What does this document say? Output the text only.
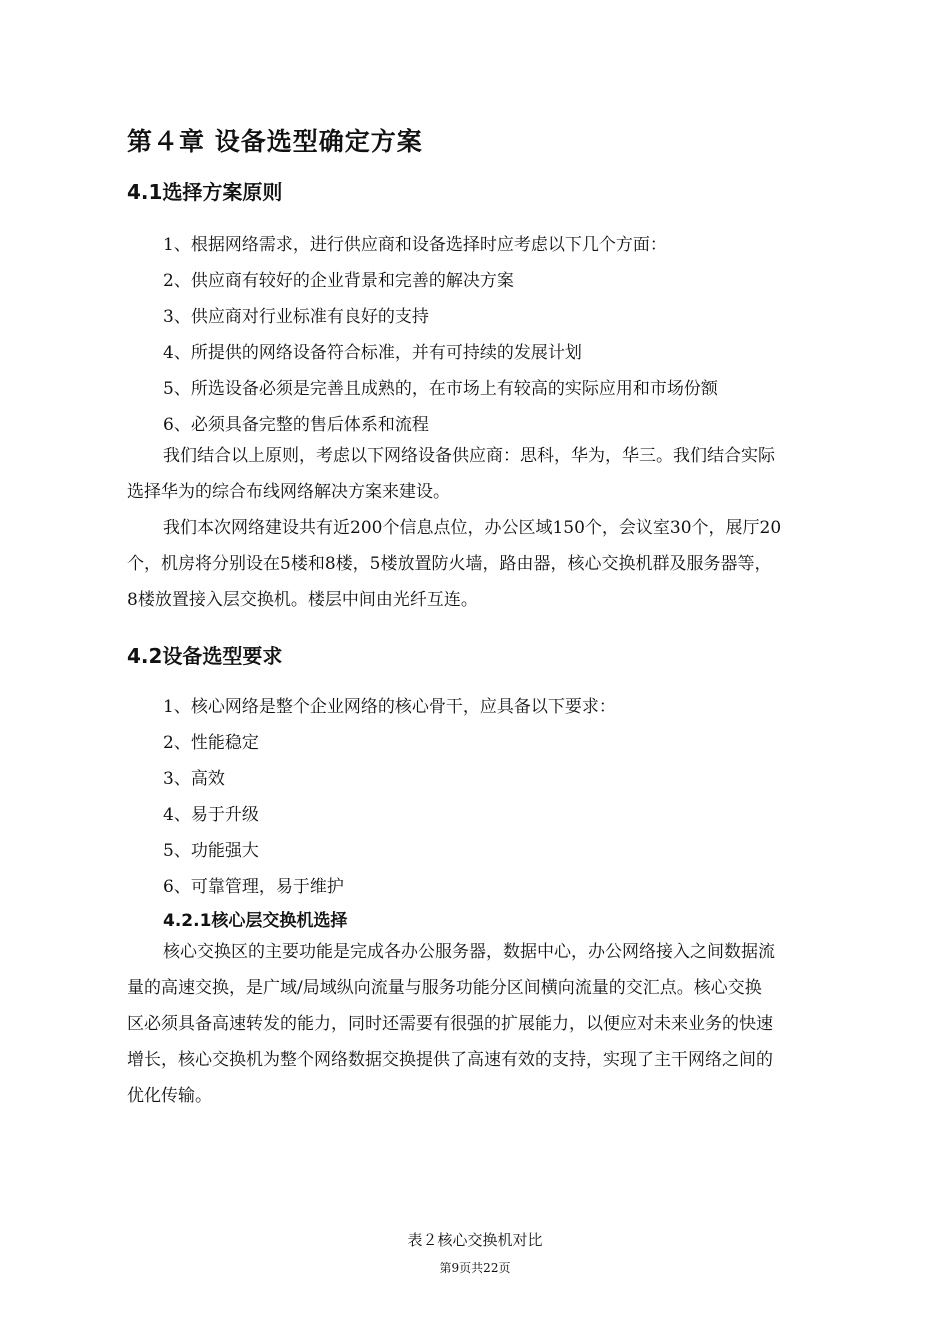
第４章 设备选型确定方案
4.1选择方案原则
1、根据网络需求，进行供应商和设备选择时应考虑以下几个方面：
2、供应商有较好的企业背景和完善的解决方案
3、供应商对行业标准有良好的支持
4、所提供的网络设备符合标准，并有可持续的发展计划
5、所选设备必须是完善且成熟的，在市场上有较高的实际应用和市场份额
6、必须具备完整的售后体系和流程
我们结合以上原则，考虑以下网络设备供应商：思科，华为，华三。我们结合实际
选择华为的综合布线网络解决方案来建设。
我们本次网络建设共有近200个信息点位，办公区域150个，会议室30个，展厅20
个，机房将分别设在5楼和8楼，5楼放置防火墙，路由器，核心交换机群及服务器等，
8楼放置接入层交换机。楼层中间由光纤互连。
4.2设备选型要求
1、核心网络是整个企业网络的核心骨干，应具备以下要求：
2、性能稳定
3、高效
4、易于升级
5、功能强大
6、可靠管理，易于维护
4.2.1核心层交换机选择
核心交换区的主要功能是完成各办公服务器，数据中心，办公网络接入之间数据流
量的高速交换，是广域/局域纵向流量与服务功能分区间横向流量的交汇点。核心交换
区必须具备高速转发的能力，同时还需要有很强的扩展能力，以便应对未来业务的快速
增长，核心交换机为整个网络数据交换提供了高速有效的支持，实现了主干网络之间的
优化传输。
表２核心交换机对比
第9页共22页
